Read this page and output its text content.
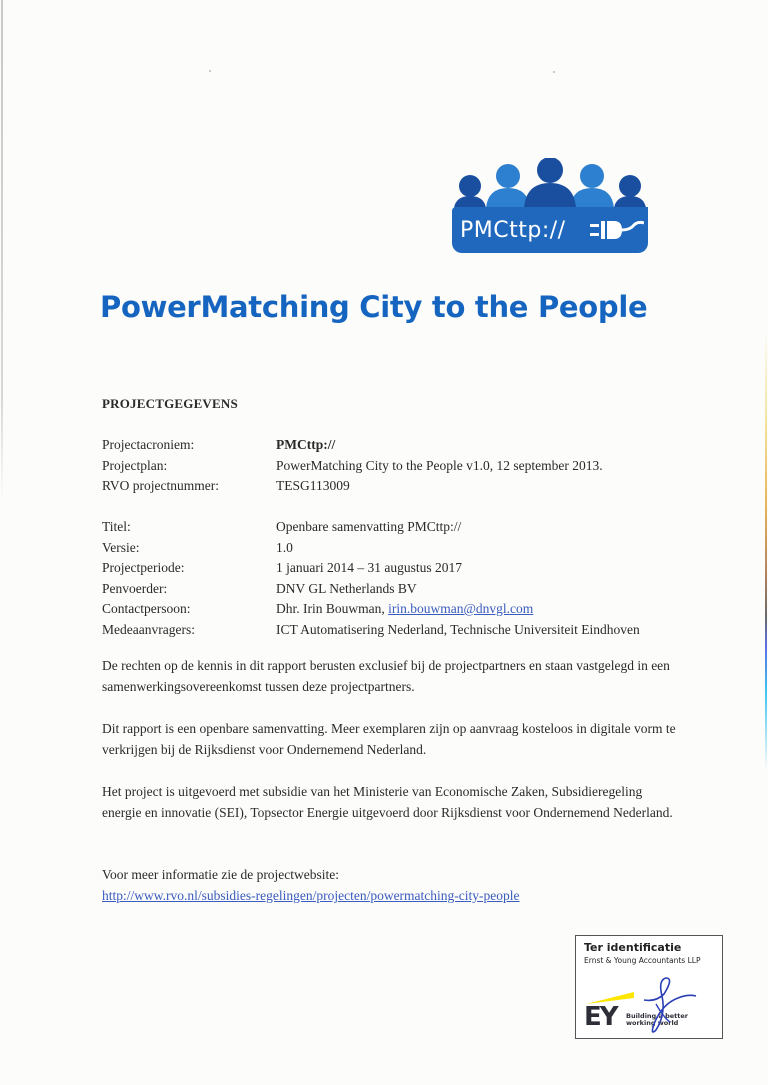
PMCttp://
PowerMatching City to the People
PROJECTGEGEVENS
Projectacroniem:	PMCttp://
Projectplan:	PowerMatching City to the People v1.0, 12 september 2013.
RVO projectnummer:	TESG113009
Titel:	Openbare samenvatting PMCttp://
Versie:	1.0
Projectperiode:	1 januari 2014 – 31 augustus 2017
Penvoerder:	DNV GL Netherlands BV
Contactpersoon:	Dhr. Irin Bouwman, irin.bouwman@dnvgl.com
Medeaanvragers:	ICT Automatisering Nederland, Technische Universiteit Eindhoven

De rechten op de kennis in dit rapport berusten exclusief bij de projectpartners en staan vastgelegd in een samenwerkingsovereenkomst tussen deze projectpartners.

Dit rapport is een openbare samenvatting. Meer exemplaren zijn op aanvraag kosteloos in digitale vorm te verkrijgen bij de Rijksdienst voor Ondernemend Nederland.

Het project is uitgevoerd met subsidie van het Ministerie van Economische Zaken, Subsidieregeling energie en innovatie (SEI), Topsector Energie uitgevoerd door Rijksdienst voor Ondernemend Nederland.

Voor meer informatie zie de projectwebsite:

http://www.rvo.nl/subsidies-regelingen/projecten/powermatching-city-people

Ter identificatie
Ernst & Young Accountants LLP
EY Building a better
working world
